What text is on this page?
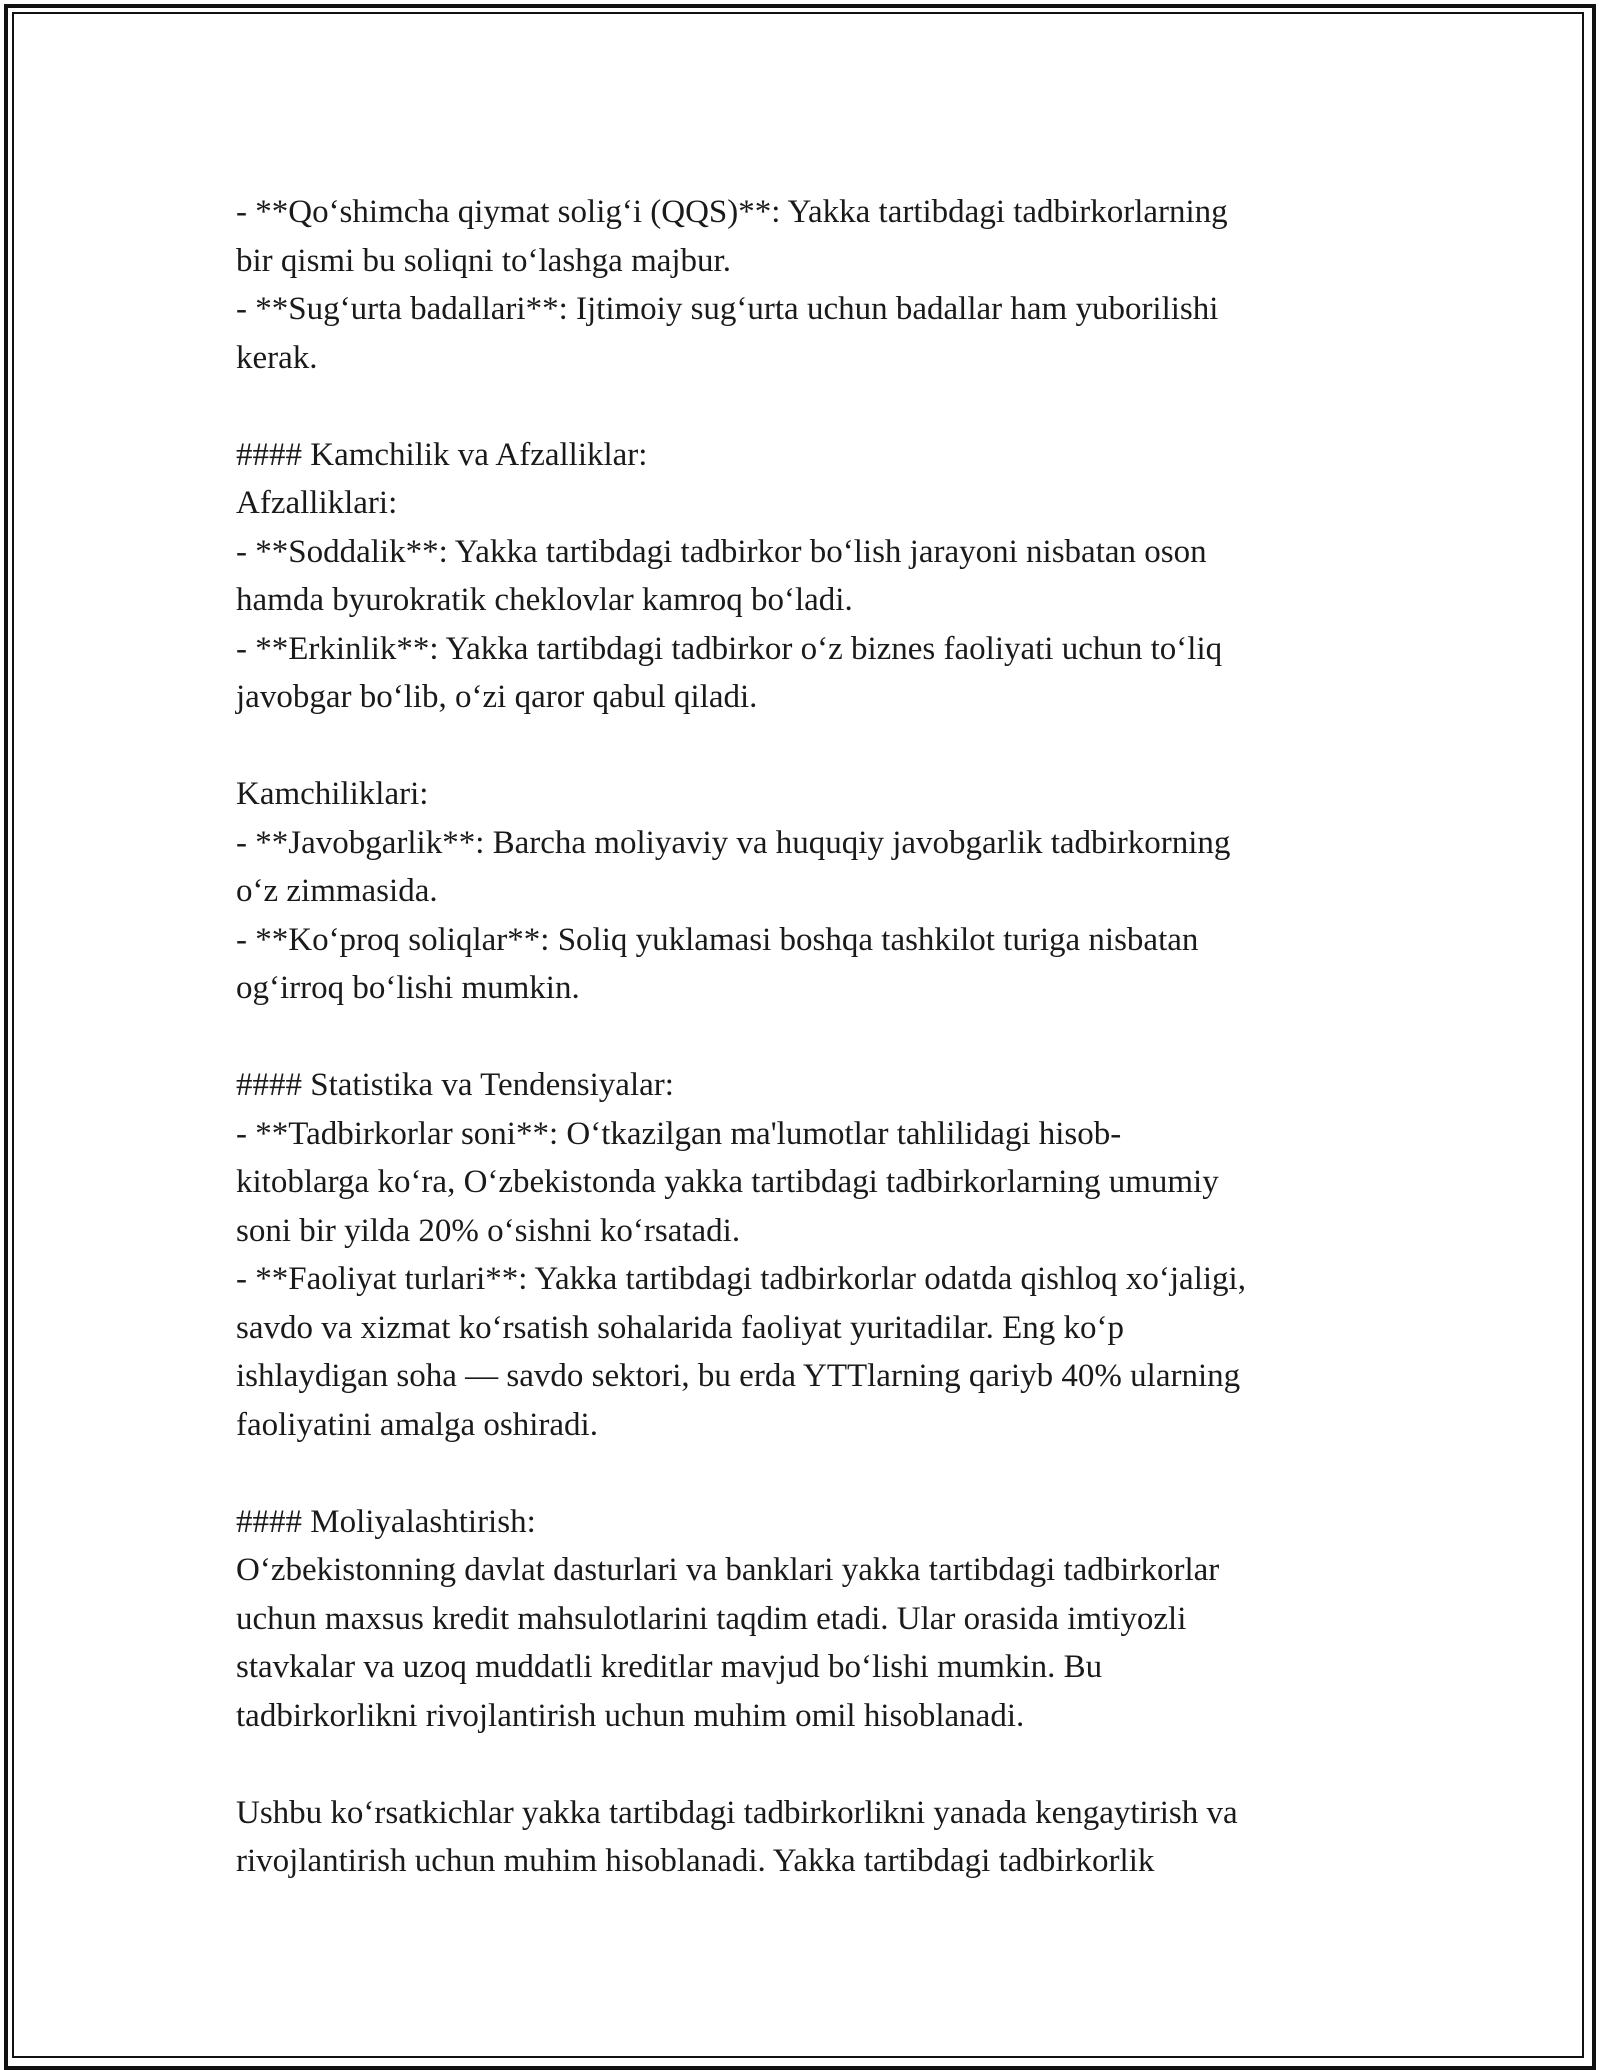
- **Qo‘shimcha qiymat solig‘i (QQS)**: Yakka tartibdagi tadbirkorlarning
bir qismi bu soliqni to‘lashga majbur.
- **Sug‘urta badallari**: Ijtimoiy sug‘urta uchun badallar ham yuborilishi
kerak.
#### Kamchilik va Afzalliklar:
Afzalliklari:
- **Soddalik**: Yakka tartibdagi tadbirkor bo‘lish jarayoni nisbatan oson
hamda byurokratik cheklovlar kamroq bo‘ladi.
- **Erkinlik**: Yakka tartibdagi tadbirkor o‘z biznes faoliyati uchun to‘liq
javobgar bo‘lib, o‘zi qaror qabul qiladi.
Kamchiliklari:
- **Javobgarlik**: Barcha moliyaviy va huquqiy javobgarlik tadbirkorning
o‘z zimmasida.
- **Ko‘proq soliqlar**: Soliq yuklamasi boshqa tashkilot turiga nisbatan
og‘irroq bo‘lishi mumkin.
#### Statistika va Tendensiyalar:
- **Tadbirkorlar soni**: O‘tkazilgan ma'lumotlar tahlilidagi hisob-
kitoblarga ko‘ra, O‘zbekistonda yakka tartibdagi tadbirkorlarning umumiy
soni bir yilda 20% o‘sishni ko‘rsatadi.
- **Faoliyat turlari**: Yakka tartibdagi tadbirkorlar odatda qishloq xo‘jaligi,
savdo va xizmat ko‘rsatish sohalarida faoliyat yuritadilar. Eng ko‘p
ishlaydigan soha — savdo sektori, bu erda YTTlarning qariyb 40% ularning
faoliyatini amalga oshiradi.
#### Moliyalashtirish:
O‘zbekistonning davlat dasturlari va banklari yakka tartibdagi tadbirkorlar
uchun maxsus kredit mahsulotlarini taqdim etadi. Ular orasida imtiyozli
stavkalar va uzoq muddatli kreditlar mavjud bo‘lishi mumkin. Bu
tadbirkorlikni rivojlantirish uchun muhim omil hisoblanadi.
Ushbu ko‘rsatkichlar yakka tartibdagi tadbirkorlikni yanada kengaytirish va
rivojlantirish uchun muhim hisoblanadi. Yakka tartibdagi tadbirkorlik
